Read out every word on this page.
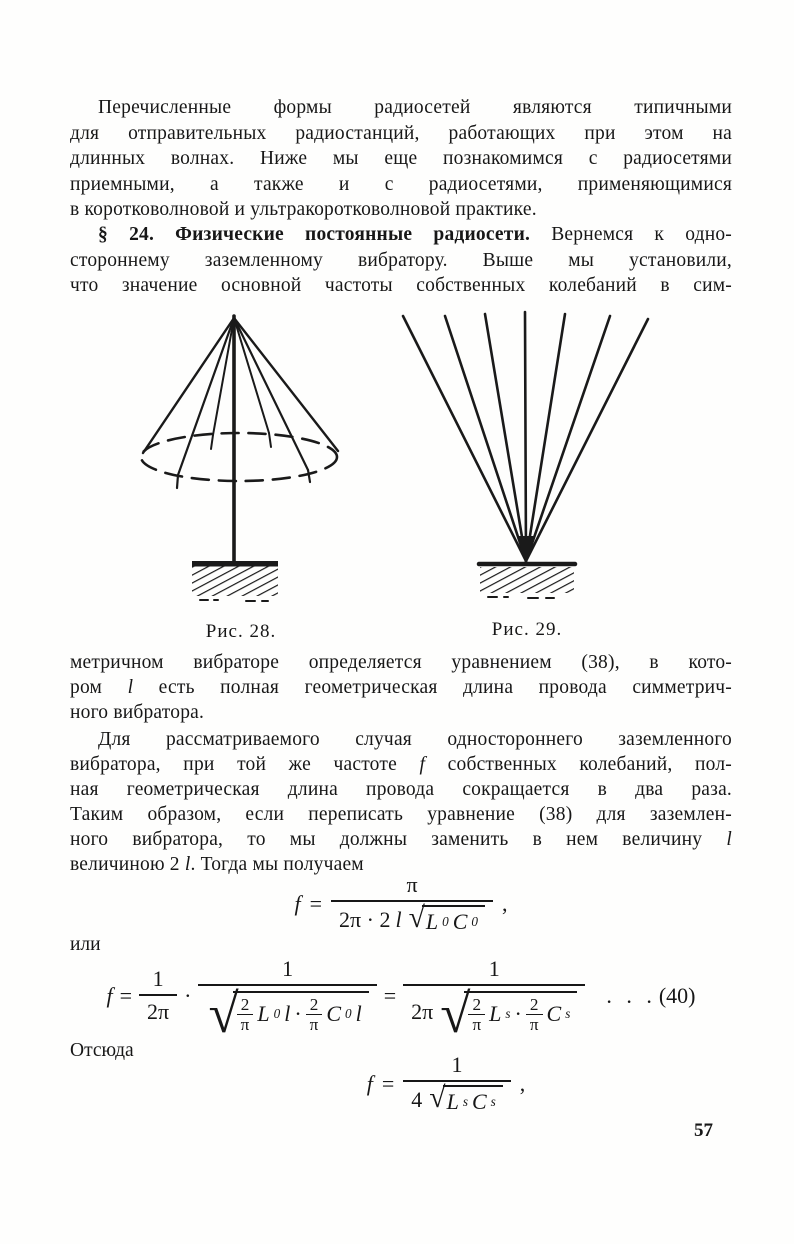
Перечисленные формы радиосетей являются типичными
для отправительных радиостанций, работающих при этом на
длинных волнах. Ниже мы еще познакомимся с радиосетями
приемными, а также и с радиосетями, применяющимися
в коротковолновой и ультракоротковолновой практике.
§ 24. Физические постоянные радиосети. Вернемся к одно-
стороннему заземленному вибратору. Выше мы установили,
что значение основной частоты собственных колебаний в сим-
Рис. 28.	Рис. 29.
метричном вибраторе определяется уравнением (38), в кото-
ром l есть полная геометрическая длина провода симметрич-
ного вибратора.
Для рассматриваемого случая одностороннего заземленного
вибратора, при той же частоте f собственных колебаний, пол-
ная геометрическая длина провода сокращается в два раза.
Таким образом, если переписать уравнение (38) для заземлен-
ного вибратора, то мы должны заменить в нем величину l
величиною 2 l. Тогда мы получаем
$f = \frac{\pi}{2\pi \cdot 2 l √ L 0 C 0}$ ,
или
$f = \frac{1}{2\pi}$ ·
1
√ 2
π L 0 l · 2
π C 0 l
=
1
2π √ 2
π L s · 2
π C s
. . . (40)
Отсюда
$f = \frac{1}{\text{4 √ L s C s}}$ ,
57
